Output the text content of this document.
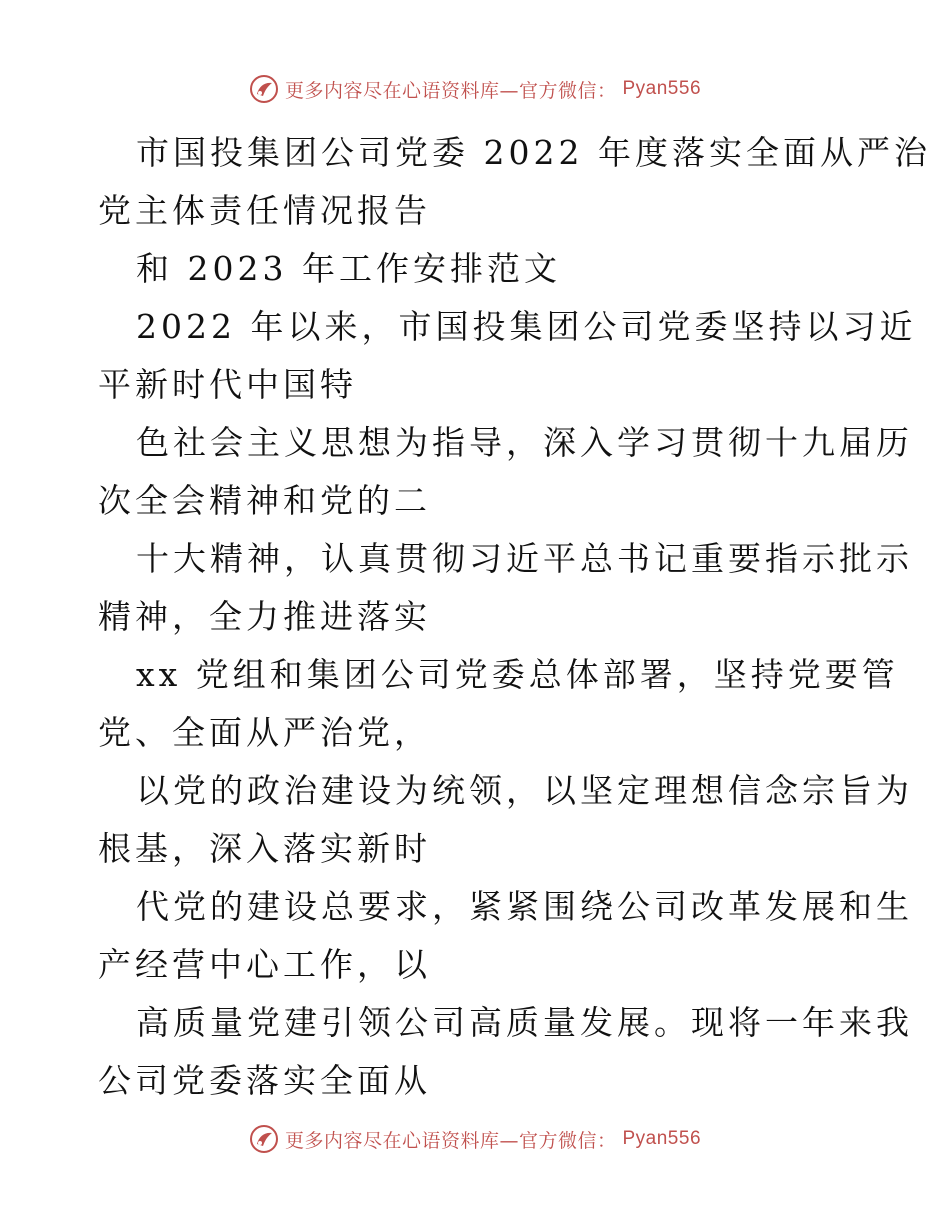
更多内容尽在心语资料库—官方微信： Pyan556
市国投集团公司党委 2022 年度落实全面从严治
党主体责任情况报告
和 2023 年工作安排范文
2022 年以来，市国投集团公司党委坚持以习近
平新时代中国特
色社会主义思想为指导，深入学习贯彻十九届历
次全会精神和党的二
十大精神，认真贯彻习近平总书记重要指示批示
精神，全力推进落实
xx 党组和集团公司党委总体部署，坚持党要管
党、全面从严治党，
以党的政治建设为统领，以坚定理想信念宗旨为
根基，深入落实新时
代党的建设总要求，紧紧围绕公司改革发展和生
产经营中心工作，以
高质量党建引领公司高质量发展。现将一年来我
公司党委落实全面从
更多内容尽在心语资料库—官方微信： Pyan556
